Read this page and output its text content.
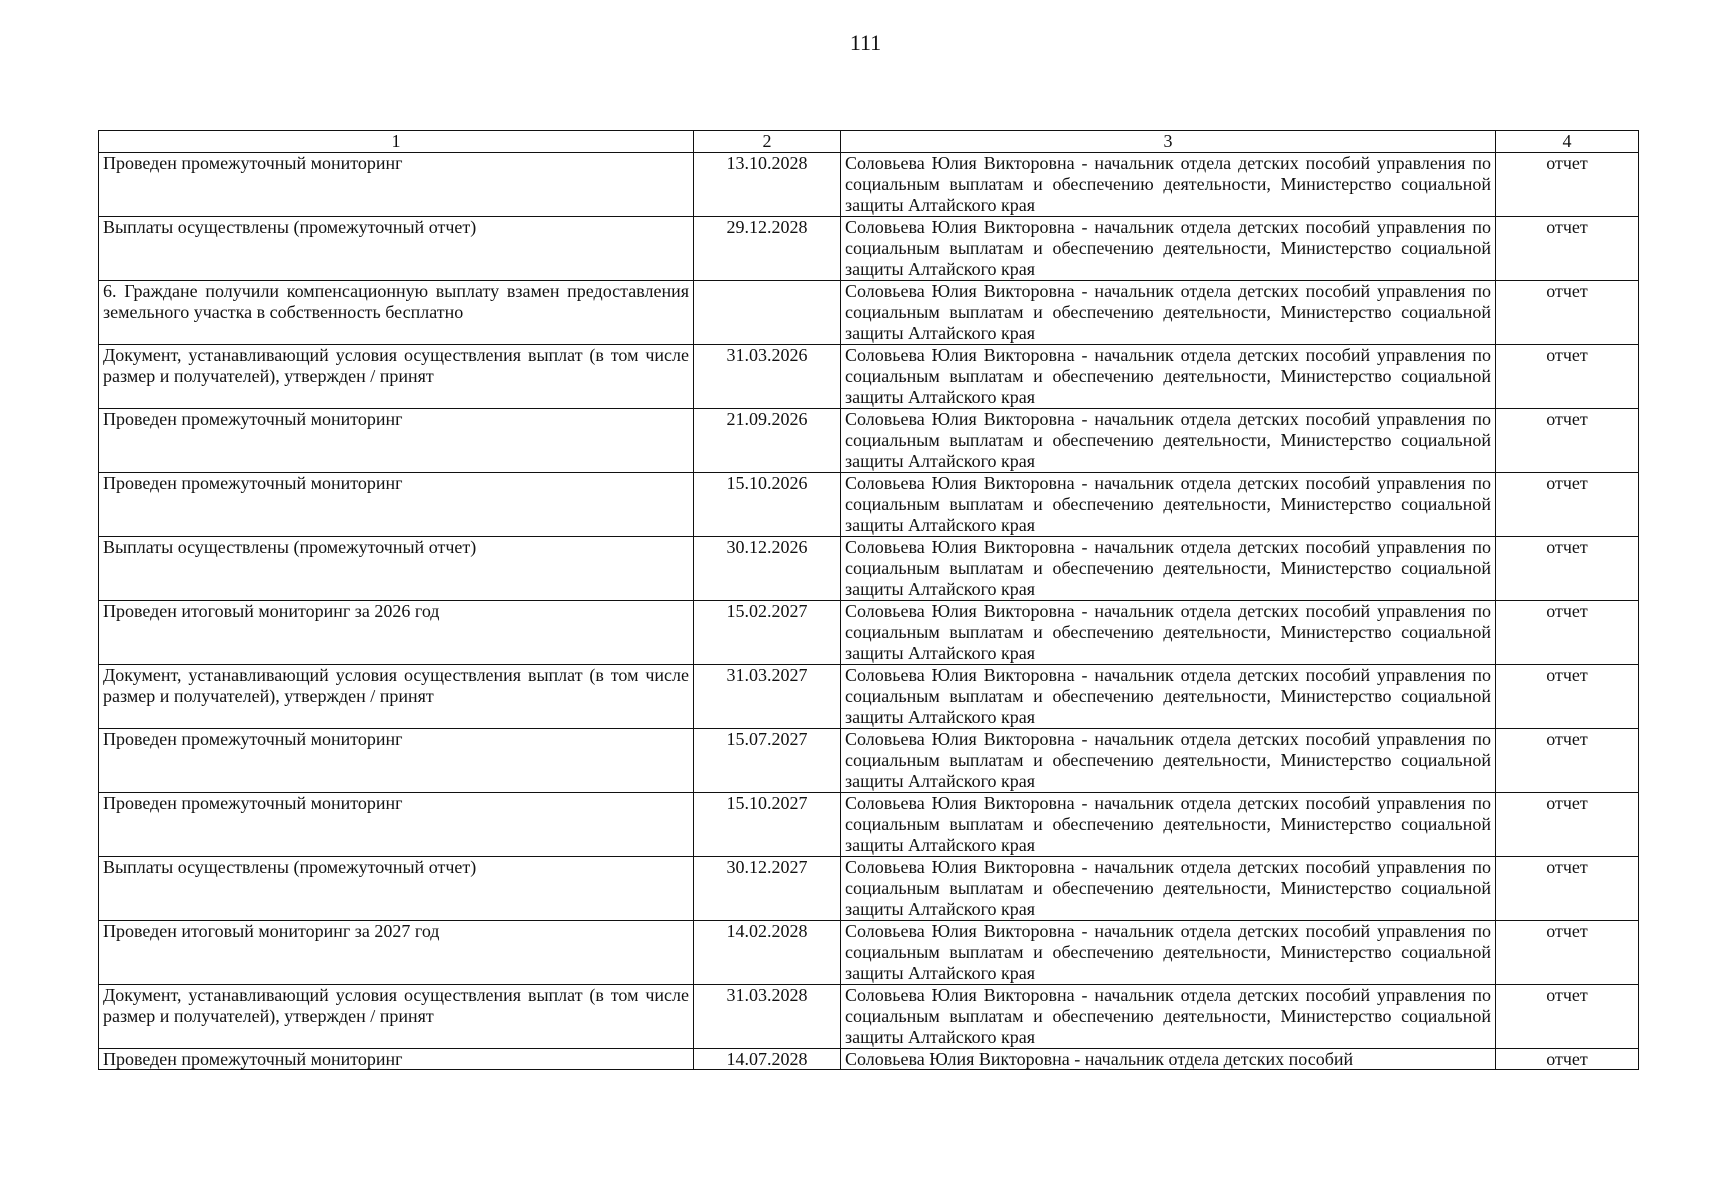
111
1	2	3	4
Проведен промежуточный мониторинг	13.10.2028	Соловьева Юлия Викторовна - начальник отдела детских пособий управления по социальным выплатам и обеспечению деятельности, Министерство социальной защиты Алтайского края	отчет
Выплаты осуществлены (промежуточный отчет)	29.12.2028	Соловьева Юлия Викторовна - начальник отдела детских пособий управления по социальным выплатам и обеспечению деятельности, Министерство социальной защиты Алтайского края	отчет
6. Граждане получили компенсационную выплату взамен предоставления земельного участка в собственность бесплатно		Соловьева Юлия Викторовна - начальник отдела детских пособий управления по социальным выплатам и обеспечению деятельности, Министерство социальной защиты Алтайского края	отчет
Документ, устанавливающий условия осуществления выплат (в том числе размер и получателей), утвержден / принят	31.03.2026	Соловьева Юлия Викторовна - начальник отдела детских пособий управления по социальным выплатам и обеспечению деятельности, Министерство социальной защиты Алтайского края	отчет
Проведен промежуточный мониторинг	21.09.2026	Соловьева Юлия Викторовна - начальник отдела детских пособий управления по социальным выплатам и обеспечению деятельности, Министерство социальной защиты Алтайского края	отчет
Проведен промежуточный мониторинг	15.10.2026	Соловьева Юлия Викторовна - начальник отдела детских пособий управления по социальным выплатам и обеспечению деятельности, Министерство социальной защиты Алтайского края	отчет
Выплаты осуществлены (промежуточный отчет)	30.12.2026	Соловьева Юлия Викторовна - начальник отдела детских пособий управления по социальным выплатам и обеспечению деятельности, Министерство социальной защиты Алтайского края	отчет
Проведен итоговый мониторинг за 2026 год	15.02.2027	Соловьева Юлия Викторовна - начальник отдела детских пособий управления по социальным выплатам и обеспечению деятельности, Министерство социальной защиты Алтайского края	отчет
Документ, устанавливающий условия осуществления выплат (в том числе размер и получателей), утвержден / принят	31.03.2027	Соловьева Юлия Викторовна - начальник отдела детских пособий управления по социальным выплатам и обеспечению деятельности, Министерство социальной защиты Алтайского края	отчет
Проведен промежуточный мониторинг	15.07.2027	Соловьева Юлия Викторовна - начальник отдела детских пособий управления по социальным выплатам и обеспечению деятельности, Министерство социальной защиты Алтайского края	отчет
Проведен промежуточный мониторинг	15.10.2027	Соловьева Юлия Викторовна - начальник отдела детских пособий управления по социальным выплатам и обеспечению деятельности, Министерство социальной защиты Алтайского края	отчет
Выплаты осуществлены (промежуточный отчет)	30.12.2027	Соловьева Юлия Викторовна - начальник отдела детских пособий управления по социальным выплатам и обеспечению деятельности, Министерство социальной защиты Алтайского края	отчет
Проведен итоговый мониторинг за 2027 год	14.02.2028	Соловьева Юлия Викторовна - начальник отдела детских пособий управления по социальным выплатам и обеспечению деятельности, Министерство социальной защиты Алтайского края	отчет
Документ, устанавливающий условия осуществления выплат (в том числе размер и получателей), утвержден / принят	31.03.2028	Соловьева Юлия Викторовна - начальник отдела детских пособий управления по социальным выплатам и обеспечению деятельности, Министерство социальной защиты Алтайского края	отчет
Проведен промежуточный мониторинг	14.07.2028	Соловьева Юлия Викторовна - начальник отдела детских пособий	отчет
